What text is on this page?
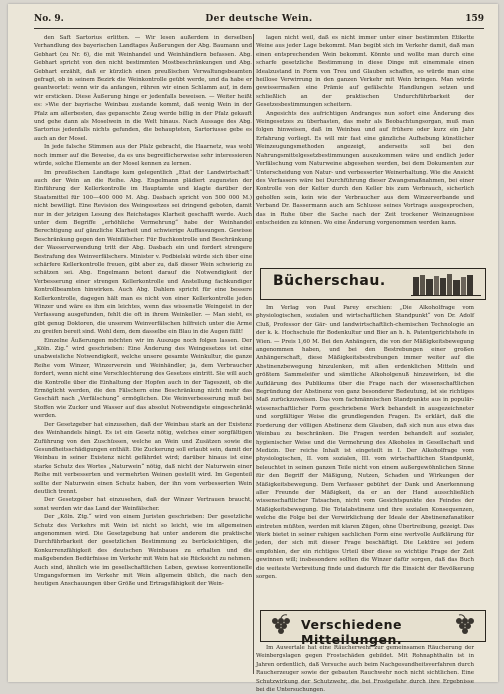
No. 9.	Der deutsche Wein.	159

den Saft Sartorius erlitten. — Wir lesen außerdem in derselben Verhandlung des bayerischen Landtages Äußerungen der Abg. Baumann und Gebhart (zu Nr. 6), die mit Weinhandel und Weinhändlern befassen. Abg. Gebhart spricht von den nicht bestimmten Mostbeschränkungen und Abg. Gebhart erzählt, daß er kürzlich einen preußischen Verwaltungsbeamten gefragt, ob in seinem Bezirk die Weinkontrolle geübt werde, und da habe er geantwortet: wenn wir da anfangen, rühren wir einen Schlamm auf, in dem wir ersticken. Diese Äußerung hinge er jedenfalls beweisen. — Weiter heißt es: »Wie der bayrische Weinbau zustande kommt, daß wenig Wein in der Pfalz am allerbesten, das gepanschte Zeug werde billig in der Pfalz gekauft und gehe dann als Moselwein in die Welt hinaus. Nach Aussage des Abg. Sartorius jedenfalls nichts gefunden, die behaupteten, Sartoriusse gebe es auch an der Mosel.

In jede falsche Stimmen aus der Pfalz gebracht, die Haarnetz, was wohl noch immer auf die Beweise, da es uns begreiflicherweise sehr interessieren würde, solche Elemente an der Mosel kennen zu lernen.

Im preußischen Landtage kam gelegentlich „Etat der Landwirtschaft“ auch der Wein an die Reihe. Abg. Engelmann plädiert zugunsten der Einführung der Kellerkontrolle im Hauptamte und klagte darüber der Staatsmittel für 100—400 000 M. Abg. Dasbach spricht von 500 000 M.) nicht bewilligt. Eine Revision des Weingesetzes sei dringend geboten, damit nur in der jetzigen Lesung des Reichstages Klarheit geschafft werde. Auch unter dem Begriffe „erhöhliche Vermehrung“ habe der Weinhandel Berechtigung auf gänzliche Klarheit und schwierige Auffassungen. Gewisse Beschränkung gegen den Weinfälscher. Für Buchkontrolle und Beschränkung der Wasserverwendung tritt der Abg. Dasbach ein und fordert strengere Bestrafung des Weinverfälschers. Minister v. Podbielski würde sich über eine schärfere Kellerkontrolle freuen, gibt aber zu, daß dieser Wein schwierig zu schätzen sei. Abg. Engelmann betont darauf die Notwendigkeit der Verbesserung einer strengen Kellerkontrolle und Anstellung fachkundiger Kontrollbeamten hinwirken. Auch Abg. Dahlem spricht für eine bessere Kellerkontrolle, dagegen hält man es nicht von einer Kellerkontrolle jeden Winzer und wäre es ihm ein leichtes, wenn das wissenstle Weingeist in der Verfassung ausgefunden, fehlt die oft in ihrem Weinkeller. — Man sieht, es gibt genug Doktoren, die unserem Weinverfälschen hilfreich unter die Arme zu greifen bereit sind. Wohl dem, dem dasselbe ein Blau in die Augen fällt!

Einzelne Äußerungen möchten wir im Auszuge noch folgen lassen. Der „Köln. Zig.“ wird geschrieben: Eine Änderung des Weingesetzes ist eine unabweisliche Notwendigkeit, welche unsere gesamte Weinkultur, die ganze Reihe vom Winzer, Winzerverein und Weinhändler, ja, dem Verbraucher fordert, wenn nicht eine Verschlechterung des Gesetzes eintritt. Sie will auch die Kontrolle über die Einhaltung der Hopfen auch in der Tageszeit, ob die Ermöglicht werden, die den Fälschern eine Beschränkung nicht mehr das Geschäft nach „Verfälschung“ ermöglichen. Die Weinverbesserung muß bei Stoffen wie Zucker und Wasser auf das absolut Notwendigste eingeschränkt werden.

Der Gesetzgeber hat einzusehen, daß der Weinbau stark an der Existenz des Weinhandels hängt. Es ist ein Gesetz nötig, welches einer sorgfältigen Zuführung von den Zuschüssen, welche an Wein und Zusätzen sowie die Gesundheitsschädigungen enthält. Die Zuckerung soll erlaubt sein, damit der Weinbau in seiner Existenz nicht gefährdet wird; darüber hinaus ist eine starke Schutz des Wortes „Naturwein“ nötig, daß nicht der Naturwein einer Reihe mit verbesserten und vermehrten Weinen gestellt wird. Im Gegenteil sollte der Naturwein einen Schutz haben, der ihn vom verbesserten Wein deutlich trennt.

Der Gesetzgeber hat einzusehen, daß der Winzer Vertrauen braucht, sonst werden wir das Land der Weinfälscher.

Der „Köln. Ztg.“ wird von einem Juristen geschrieben: Der gesetzliche Schutz des Verkehrs mit Wein ist nicht so leicht, wie im allgemeinen angenommen wird. Die Gesetzgebung hat unter anderem die praktische Durchführbarkeit der gesetzlichen Bestimmung zu berücksichtigen, die Konkurrenzfähigkeit des deutschen Weinbaues zu erhalten und die maßgebenden Bedürfnisse im Verkehr mit Wein hat sie Rücksicht zu nehmen. Auch sind, ähnlich wie im gesellschaftlichen Leben, gewisse konventionelle Umgangsformen im Verkehr mit Wein allgemein üblich, die nach den heutigen Anschauungen über Größe und Ertragsfähigkeit der Wein-

lagen nicht weil, daß es nicht immer unter einer bestimmten Etikette Weine aus jeder Lage bekommt. Man begibt sich im Verkehr damit, daß man einen entsprechenden Wein bekommt. Könnte und wollte man durch eine scharfe gesetzliche Bestimmung in diese Dinge mit einemmale einen Idealzustand in Form von Treu und Glauben schaffen, so würde man eine heillose Verwirrung in den ganzen Verkehr mit Wein bringen. Man würde gewissermaßen eine Prämie auf gefälschte Handlungen setzen und schließlich an der praktischen Undurchführbarkeit der Gesetzesbestimmungen scheitern.

Angesichts des aufrichtigen Andranges nun sofort eine Änderung des Weingesetzes zu überhasten, das mehr als Beobachtungsorgan, muß man folgen hinweisen, daß im Weinbau und auf frühere oder kurz ein Jahr Erfahrung vorliegt. Es will mir fast eine gänzliche Aufhebung künstlicher Weinzeugungsmethoden angezeigt, anderseits soll bei den Nahrungsmittelgesetzbestimmungen auszukommen wäre und endlich jeder Verfälschung vom Naturweine abgesehen werden, bei dem Dokumenten zur Unterscheidung von Natur- und verbesserter Weinerhaltung. Wie die Ansicht des Verfassers wäre bei Durchführung dieser Zwangsmaßnahmen, bei einer Kontrolle von der Kelter durch den Keller bis zum Verbrauch, sicherlich geholfen sein, kein wie der Verbraucher aus dem Winzerverbande und Verband Dr. Bassermann auch am Schlusse seines Vortrags ausgesprochen, das in Ruhe über die Sache nach der Zeit trockener Weinzeugnisse entscheiden zu können. Wo eine Änderung vorgenommen werden kann.

Bücherschau.

Im Verlag von Paul Parey erschien: „Die Alkoholfrage vom physiologischen, sozialen und wirtschaftlichen Standpunkt“ von Dr. Adolf Cluß, Professor der Gär- und landwirtschaftlich-chemischen Technologie an der k. k. Hochschule für Bodenkultur und Bier an h. h. Patentgerichtshofe in Wien. — Preis 1,60 M. Bei den Anhängern, die von der Mäßigkeitsbewegung angenommen haben, und bei den Bestrebungen einer großen Anhängerschaft, diese Mäßigkeitsbestrebungen immer weiter auf die Abstinenzbewegung hinzulenken, mit allen erdenklichen Mitteln und größtem Sammeleifer und sämtliche Alkoholgenuß hinzuwirken, ist die Aufklärung des Publikums über die Frage nach der wissenschaftlichen Begründung der Abstinenz von ganz besonderer Bedeutung, ist sie richtiges Maß zurückzuweisen. Das vom fachmännischen Standpunkte aus in populär-wissenschaftlicher Form geschriebene Werk behandelt in ausgezeichneter und sorgfältiger Weise die grundlegenden Fragen. Es erklärt, daß die Forderung der völligen Abstinenz dem Glauben, daß sich nun aus etwa das Weinbau zu beschränken. Die Fragen werden behandelt auf sozialer, hygienischer Weise und die Vermehrung des Alkoholes in Gesellschaft und Medizin. Der reiche Inhalt ist eingeteilt in I. Der Alkoholfrage vom physiologischen, II. vom sozialen, III. vom wirtschaftlichen Standpunkt, beleuchtet in seinen ganzen Teile nicht von einem außergewöhnlichen Sinne für den Begriff der Mäßigung, Nutzen, Schaden und Wirkungen der Mäßigkeitsbewegung. Dem Verfasser gebührt der Dank und Anerkennung aller Freunde der Mäßigkeit, da er an der Hand ausschließlich wissenschaftlicher Tatsachen, nicht vom Gesichtspunkte des Feindes der Mäßigkeitsbewegung. Die Totalabstinenz und ihre sozialen Konsequenzen, welche die Folge bei der Verwirklichung der Ideale der Abstinenzfanatiker eintreten müßten, werden mit klaren Zügen, ohne Übertreibung, gezeigt. Das Werk bietet in seiner ruhigen sachlichen Form eine wertvolle Aufklärung für jeden, der sich mit dieser Frage beschäftigt. Die Lektüre sei jedem empfohlen, der ein richtiges Urteil über diese so wichtige Frage der Zeit gewinnen will; insbesondere sollten die Winzer dafür sorgen, daß das Buch die weiteste Verbreitung finde und dadurch für die Einsicht der Bevölkerung sorgen.

Verschiedene Mitteilungen.

Im Auwertale hat eine Räucherwehr zur gemeinsamen Räucherung der Weinbergslagen gegen Frostschäden gebildet. Mit Rohnaphthalin ist in Jahren ordentlich, daß Versuche auch beim Nachgesundheitsverfahren durch Raucherzeuger sowie der gebauten Rauchwehr noch nicht sichtlichen. Eine Schutzwirkung der Schutzwehr, die bei Frostgefahr durch ihre Ergebnisse bei die Untersuchungen.
